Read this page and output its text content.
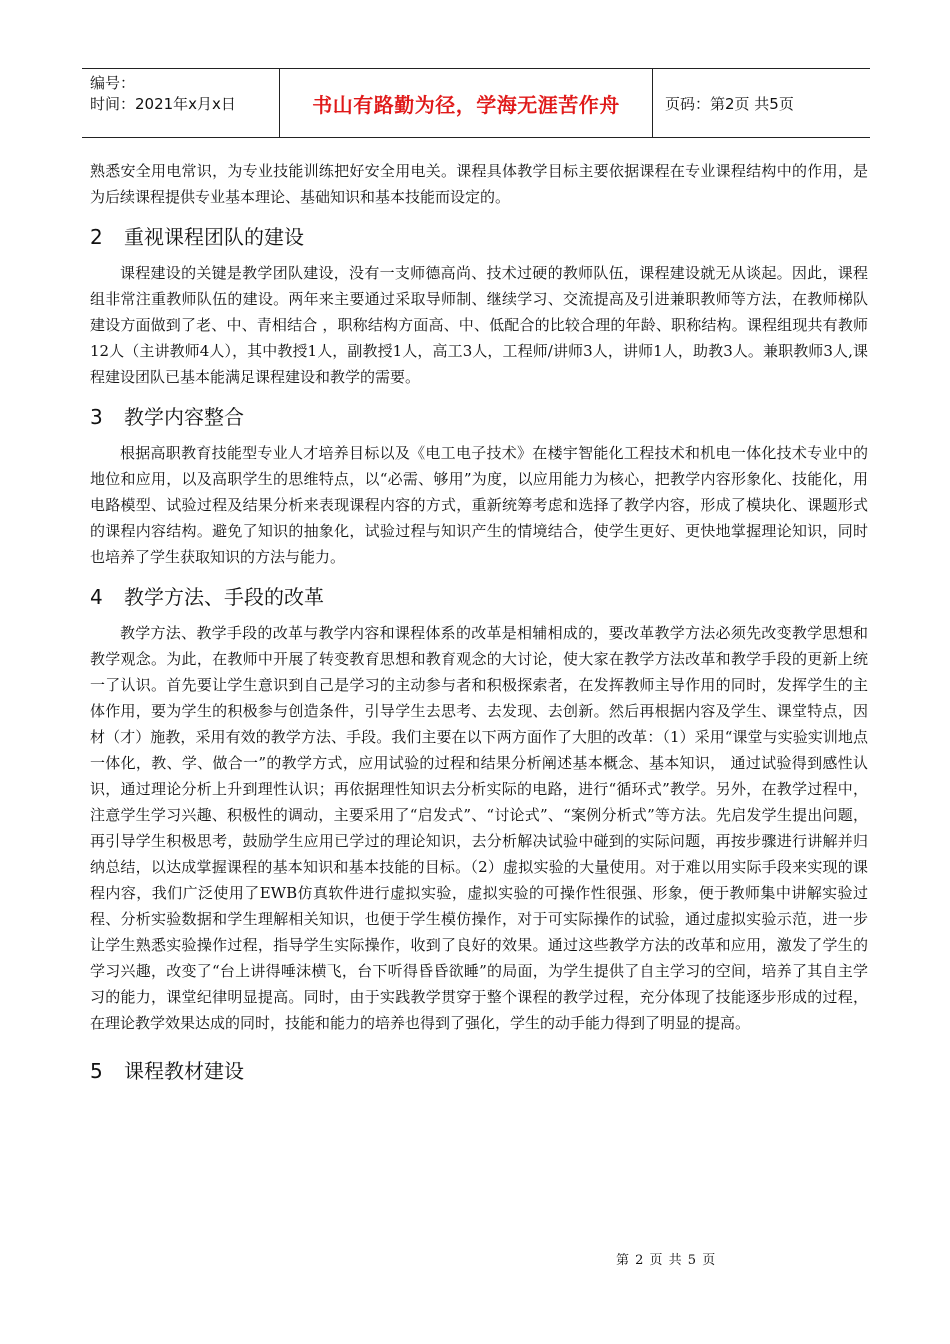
编号：
时间：2021年x月x日	书山有路勤为径，学海无涯苦作舟	页码：第2页 共5页

熟悉安全用电常识，为专业技能训练把好安全用电关。课程具体教学目标主要依据课程在专业课程结构中的作用，是为后续课程提供专业基本理论、基础知识和基本技能而设定的。

2 重视课程团队的建设

课程建设的关键是教学团队建设，没有一支师德高尚、技术过硬的教师队伍，课程建设就无从谈起。因此，课程组非常注重教师队伍的建设。两年来主要通过采取导师制、继续学习、交流提高及引进兼职教师等方法，在教师梯队建设方面做到了老、中、青相结合 ，职称结构方面高、中、低配合的比较合理的年龄、职称结构。课程组现共有教师12人（主讲教师4人），其中教授1人，副教授1人，高工3人，工程师/讲师3人，讲师1人，助教3人。兼职教师3人,课程建设团队已基本能满足课程建设和教学的需要。

3 教学内容整合

根据高职教育技能型专业人才培养目标以及《电工电子技术》在楼宇智能化工程技术和机电一体化技术专业中的地位和应用，以及高职学生的思维特点，以“必需、够用”为度，以应用能力为核心，把教学内容形象化、技能化，用电路模型、试验过程及结果分析来表现课程内容的方式，重新统筹考虑和选择了教学内容，形成了模块化、课题形式的课程内容结构。避免了知识的抽象化，试验过程与知识产生的情境结合，使学生更好、更快地掌握理论知识，同时也培养了学生获取知识的方法与能力。

4 教学方法、手段的改革

教学方法、教学手段的改革与教学内容和课程体系的改革是相辅相成的，要改革教学方法必须先改变教学思想和教学观念。为此，在教师中开展了转变教育思想和教育观念的大讨论，使大家在教学方法改革和教学手段的更新上统一了认识。首先要让学生意识到自己是学习的主动参与者和积极探索者，在发挥教师主导作用的同时，发挥学生的主体作用，要为学生的积极参与创造条件，引导学生去思考、去发现、去创新。然后再根据内容及学生、课堂特点，因材（才）施教，采用有效的教学方法、手段。我们主要在以下两方面作了大胆的改革：（1）采用“课堂与实验实训地点一体化，教、学、做合一”的教学方式，应用试验的过程和结果分析阐述基本概念、基本知识， 通过试验得到感性认识，通过理论分析上升到理性认识；再依据理性知识去分析实际的电路，进行“循环式”教学。另外，在教学过程中，注意学生学习兴趣、积极性的调动，主要采用了“启发式”、“讨论式”、“案例分析式”等方法。先启发学生提出问题，再引导学生积极思考，鼓励学生应用已学过的理论知识，去分析解决试验中碰到的实际问题，再按步骤进行讲解并归纳总结，以达成掌握课程的基本知识和基本技能的目标。（2）虚拟实验的大量使用。对于难以用实际手段来实现的课程内容，我们广泛使用了EWB仿真软件进行虚拟实验，虚拟实验的可操作性很强、形象，便于教师集中讲解实验过程、分析实验数据和学生理解相关知识，也便于学生模仿操作，对于可实际操作的试验，通过虚拟实验示范，进一步让学生熟悉实验操作过程，指导学生实际操作，收到了良好的效果。通过这些教学方法的改革和应用，激发了学生的学习兴趣，改变了“台上讲得唾沫横飞，台下听得昏昏欲睡”的局面，为学生提供了自主学习的空间，培养了其自主学习的能力，课堂纪律明显提高。同时，由于实践教学贯穿于整个课程的教学过程，充分体现了技能逐步形成的过程，在理论教学效果达成的同时，技能和能力的培养也得到了强化，学生的动手能力得到了明显的提高。

5 课程教材建设
第 2 页 共 5 页
